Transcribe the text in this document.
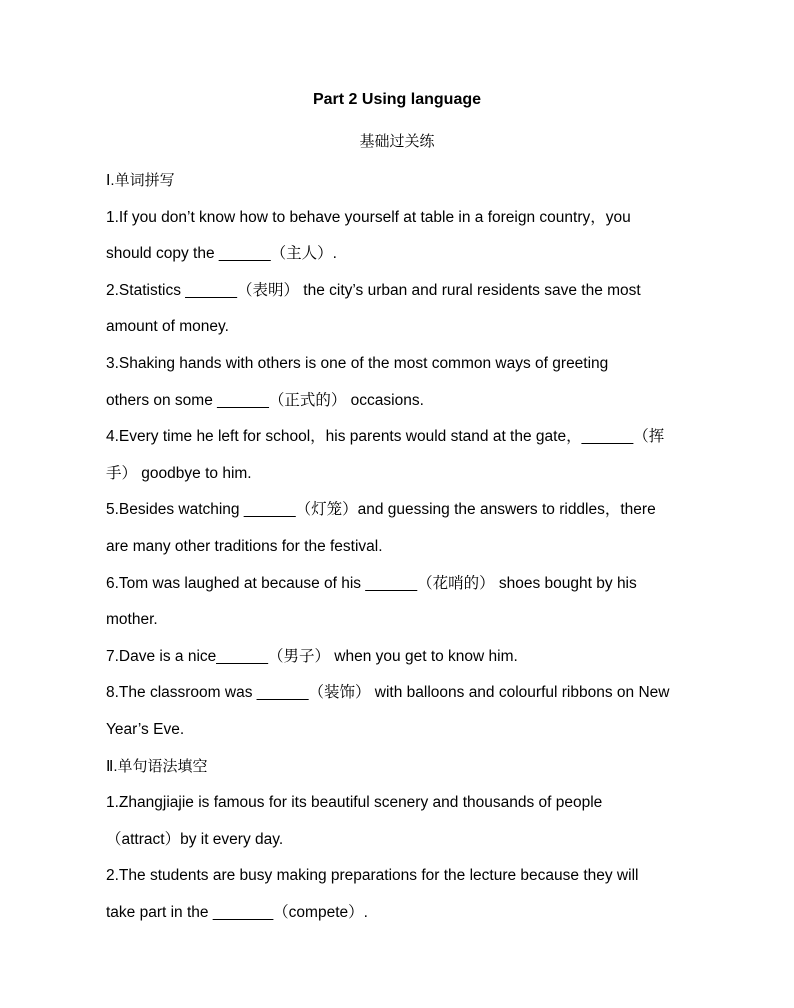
Part 2 Using language
基础过关练
Ⅰ.单词拼写
1.If you don’t know how to behave yourself at table in a foreign country，you
should copy the ______（主人）.
2.Statistics ______（表明） the city’s urban and rural residents save the most
amount of money.
3.Shaking hands with others is one of the most common ways of greeting
others on some ______（正式的） occasions.
4.Every time he left for school，his parents would stand at the gate，______（挥
手） goodbye to him.
5.Besides watching ______（灯笼）and guessing the answers to riddles，there
are many other traditions for the festival.
6.Tom was laughed at because of his ______（花哨的） shoes bought by his
mother.
7.Dave is a nice______（男子） when you get to know him.
8.The classroom was ______（装饰） with balloons and colourful ribbons on New
Year’s Eve.
Ⅱ.单句语法填空
1.Zhangjiajie is famous for its beautiful scenery and thousands of people
（attract）by it every day.
2.The students are busy making preparations for the lecture because they will
take part in the _______（compete）.
